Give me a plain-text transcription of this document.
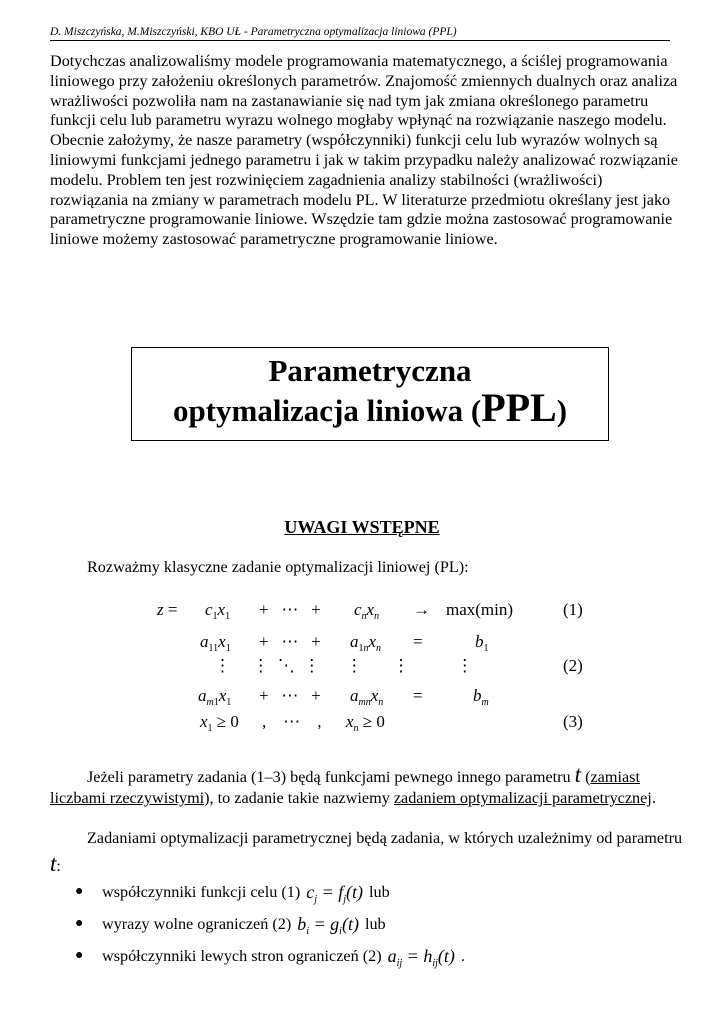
D. Miszczyńska, M.Miszczyński, KBO UŁ - Parametryczna optymalizacja liniowa (PPL)

Dotychczas analizowaliśmy modele programowania matematycznego, a ściślej programowania liniowego przy założeniu określonych parametrów. Znajomość zmiennych dualnych oraz analiza wrażliwości pozwoliła nam na zastanawianie się nad tym jak zmiana określonego parametru funkcji celu lub parametru wyrazu wolnego mogłaby wpłynąć na rozwiązanie naszego modelu.

Obecnie założymy, że nasze parametry (współczynniki) funkcji celu lub wyrazów wolnych są liniowymi funkcjami jednego parametru i jak w takim przypadku należy analizować rozwiązanie modelu. Problem ten jest rozwinięciem zagadnienia analizy stabilności (wrażliwości) rozwiązania na zmiany w parametrach modelu PL. W literaturze przedmiotu określany jest jako parametryczne programowanie liniowe. Wszędzie tam gdzie można zastosować programowanie liniowe możemy zastosować parametryczne programowanie liniowe.

Parametryczna
optymalizacja liniowa (PPL)
UWAGI WSTĘPNE
Rozważmy klasyczne zadanie optymalizacji liniowej (PL):
$z = c_1x_1$ +   ⋯   + $c_nx_n \to \max(\min)$	(1)
$a_{11}x_1$ +   ⋯   + $a_{1n}x_n$ =	$b_1$
⋮     ⋮  ⋱  ⋮      ⋮       ⋮           ⋮	(2)
$a_{m1}x_1$ +   ⋯   + $a_{mn}x_n$ =	$b_m$
$x_1 \ge 0$ ,    ⋯    , $x_n \ge 0$	(3)
Jeżeli parametry zadania (1–3) będą funkcjami pewnego innego parametru t (zamiast liczbami rzeczywistymi), to zadanie takie nazwiemy zadaniem optymalizacji parametrycznej.
Zadaniami optymalizacji parametrycznej będą zadania, w których uzależnimy od parametru t:
●	współczynniki funkcji celu (1) $c_j = f_j(t)$ lub
●	wyrazy wolne ograniczeń (2) $b_i = g_i(t)$ lub
●	współczynniki lewych stron ograniczeń (2) $a_{ij} = h_{ij}(t)$ .
